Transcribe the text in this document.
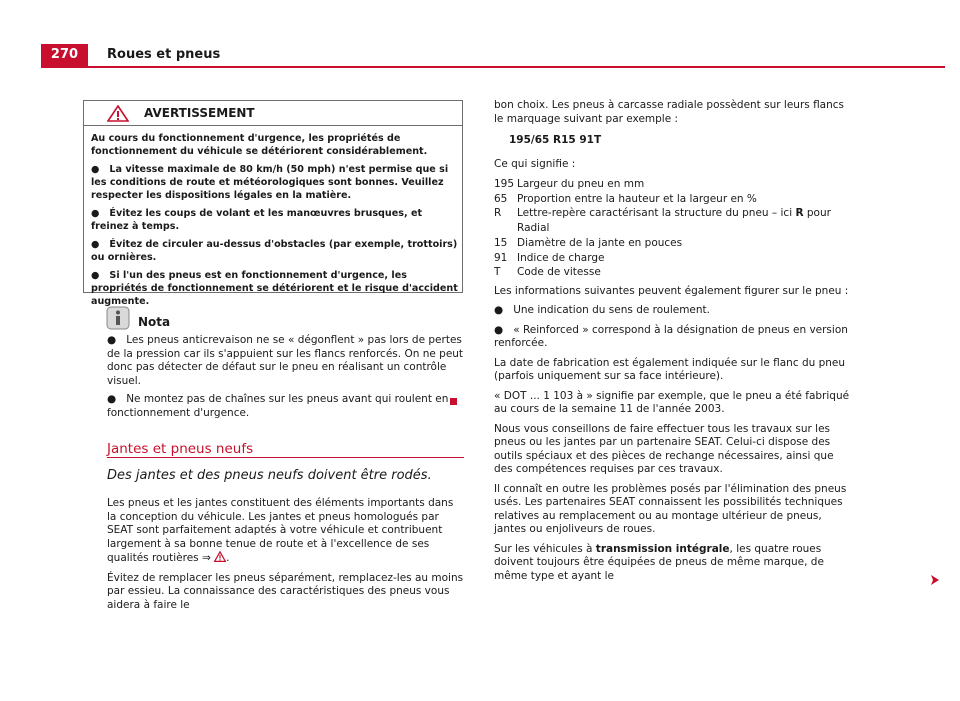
270	Roues et pneus
AVERTISSEMENT

Au cours du fonctionnement d'urgence, les propriétés de fonctionnement du véhicule se détériorent considérablement.

● La vitesse maximale de 80 km/h (50 mph) n'est permise que si les conditions de route et météorologiques sont bonnes. Veuillez respecter les dispositions légales en la matière.

● Évitez les coups de volant et les manœuvres brusques, et freinez à temps.

● Évitez de circuler au-dessus d'obstacles (par exemple, trottoirs) ou ornières.

● Si l'un des pneus est en fonctionnement d'urgence, les propriétés de fonctionnement se détériorent et le risque d'accident augmente.

Nota

● Les pneus anticrevaison ne se « dégonflent » pas lors de pertes de la pression car ils s'appuient sur les flancs renforcés. On ne peut donc pas détecter de défaut sur le pneu en réalisant un contrôle visuel.

● Ne montez pas de chaînes sur les pneus avant qui roulent en fonctionnement d'urgence.

Jantes et pneus neufs
Des jantes et des pneus neufs doivent être rodés.

Les pneus et les jantes constituent des éléments importants dans la conception du véhicule. Les jantes et pneus homologués par SEAT sont parfaitement adaptés à votre véhicule et contribuent largement à sa bonne tenue de route et à l'excellence de ses qualités routières ⇒ .

Évitez de remplacer les pneus séparément, remplacez-les au moins par essieu. La connaissance des caractéristiques des pneus vous aidera à faire le

bon choix. Les pneus à carcasse radiale possèdent sur leurs flancs le marquage suivant par exemple :

195/65 R15 91T

Ce qui signifie :

195	Largeur du pneu en mm
65	Proportion entre la hauteur et la largeur en %
R	Lettre-repère caractérisant la structure du pneu – ici R pour Radial
15	Diamètre de la jante en pouces
91	Indice de charge
T	Code de vitesse

Les informations suivantes peuvent également figurer sur le pneu :

● Une indication du sens de roulement.

● « Reinforced » correspond à la désignation de pneus en version renforcée.

La date de fabrication est également indiquée sur le flanc du pneu (parfois uniquement sur sa face intérieure).

« DOT ... 1 103 à » signifie par exemple, que le pneu a été fabriqué au cours de la semaine 11 de l'année 2003.

Nous vous conseillons de faire effectuer tous les travaux sur les pneus ou les jantes par un partenaire SEAT. Celui-ci dispose des outils spéciaux et des pièces de rechange nécessaires, ainsi que des compétences requises par ces travaux.

Il connaît en outre les problèmes posés par l'élimination des pneus usés. Les partenaires SEAT connaissent les possibilités techniques relatives au remplacement ou au montage ultérieur de pneus, jantes ou enjoliveurs de roues.

Sur les véhicules à transmission intégrale, les quatre roues doivent toujours être équipées de pneus de même marque, de même type et ayant le
